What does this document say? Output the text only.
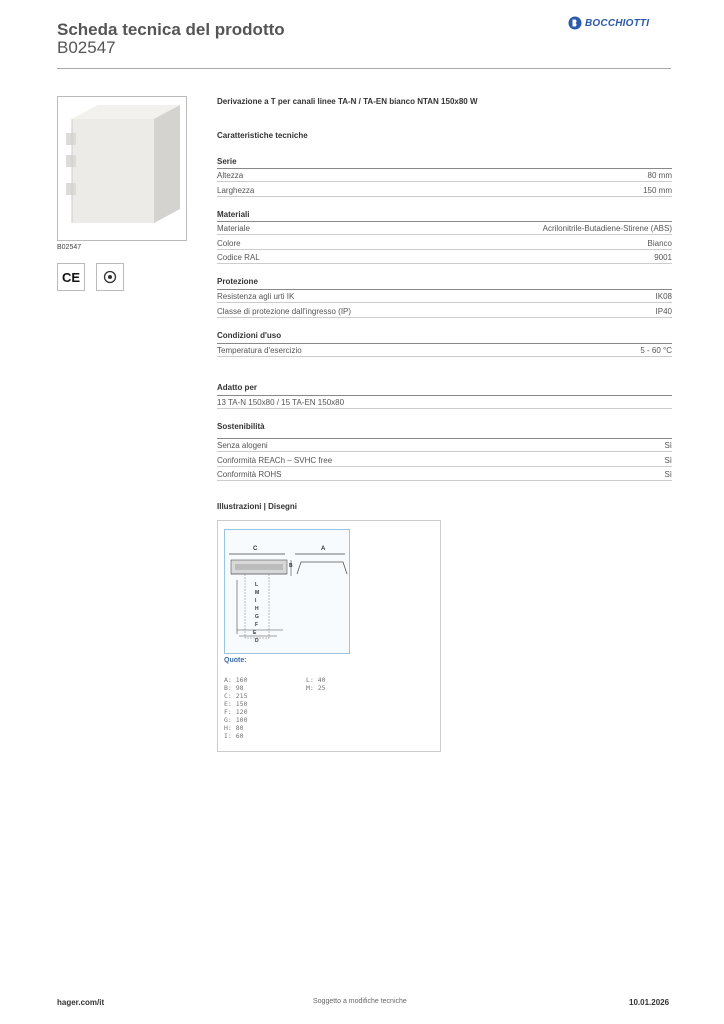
Scheda tecnica del prodotto
B02547
BOCCHIOTTI
B02547
CE
Derivazione a T per canali linee TA-N / TA-EN bianco NTAN 150x80 W
Caratteristiche tecniche
Serie
Altezza	80 mm
Larghezza	150 mm
Materiali
Materiale	Acrilonitrile-Butadiene-Stirene (ABS)
Colore	Bianco
Codice RAL	9001
Protezione
Resistenza agli urti IK	IK08
Classe di protezione dall'ingresso (IP)	IP40
Condizioni d'uso
Temperatura d'esercizio	5 - 60 °C
Adatto per
13 TA-N 150x80 / 15 TA-EN 150x80
Sostenibilità
Senza alogeni	Sì
Conformità REACh – SVHC free	Sì
Conformità ROHS	Sì
Illustrazioni | Disegni
C	A
B
L
M
I
H
G
F
E
D
Quote:
A: 160
B: 98
C: 215
E: 150
F: 120
G: 100
H: 80
I: 60
L: 40
M: 25
hager.com/it	Soggetto a modifiche tecniche	10.01.2026
